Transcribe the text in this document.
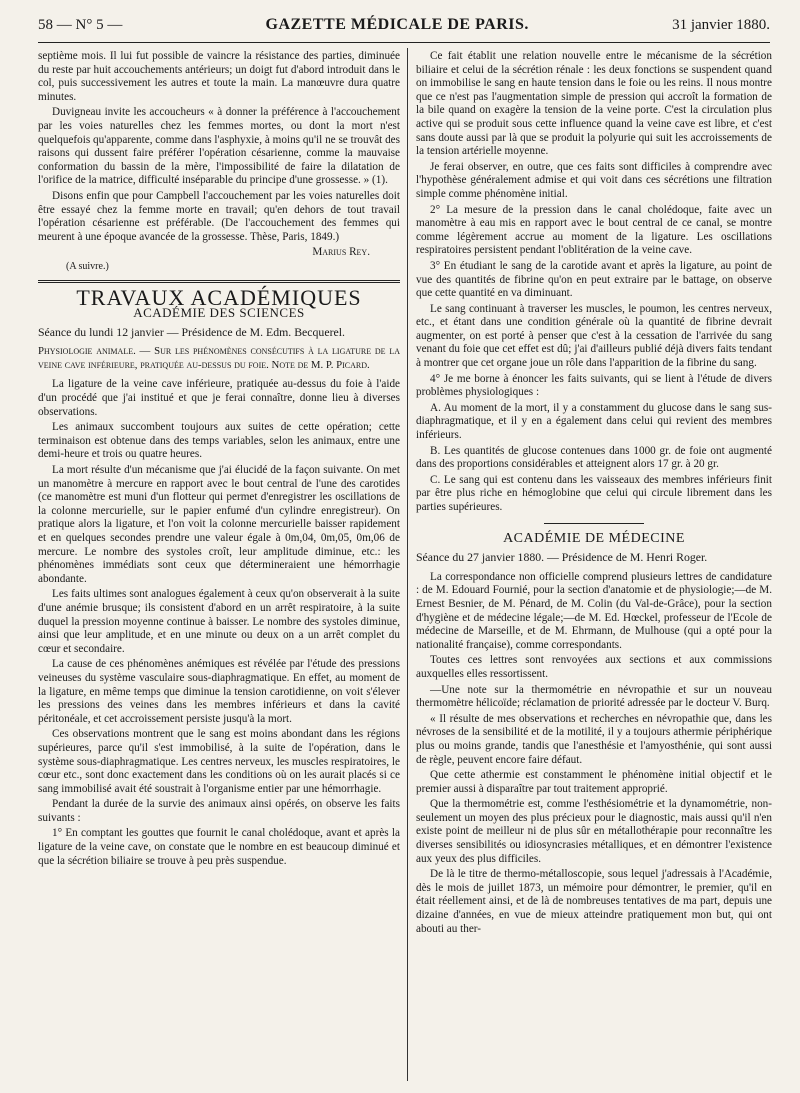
58 — N° 5 —	GAZETTE MÉDICALE DE PARIS.	31 janvier 1880.

septième mois. Il lui fut possible de vaincre la résistance des parties, diminuée du reste par huit accouchements antérieurs; un doigt fut d'abord introduit dans le col, puis successivement les autres et toute la main. La manœuvre dura quatre minutes.

Duvigneau invite les accoucheurs « à donner la préférence à l'accouchement par les voies naturelles chez les femmes mortes, ou dont la mort n'est quelquefois qu'apparente, comme dans l'asphyxie, à moins qu'il ne se trouvât des raisons qui dussent faire préférer l'opération césarienne, comme la mauvaise conformation du bassin de la mère, l'impossibilité de faire la dilatation de l'orifice de la matrice, difficulté inséparable du principe d'une grossesse. » (1).

Disons enfin que pour Campbell l'accouchement par les voies naturelles doit être essayé chez la femme morte en travail; qu'en dehors de tout travail l'opération césarienne est préférable. (De l'accouchement des femmes qui meurent à une époque avancée de la grossesse. Thèse, Paris, 1849.)

Marius Rey.
(A suivre.)
TRAVAUX ACADÉMIQUES
ACADÉMIE DES SCIENCES

Séance du lundi 12 janvier — Présidence de M. Edm. Becquerel.

Physiologie animale. — Sur les phénomènes consécutifs à la ligature de la veine cave inférieure, pratiquée au-dessus du foie. Note de M. P. Picard.

La ligature de la veine cave inférieure, pratiquée au-dessus du foie à l'aide d'un procédé que j'ai institué et que je ferai connaître, donne lieu à diverses observations.

Les animaux succombent toujours aux suites de cette opération; cette terminaison est obtenue dans des temps variables, selon les animaux, entre une demi-heure et trois ou quatre heures.

La mort résulte d'un mécanisme que j'ai élucidé de la façon suivante. On met un manomètre à mercure en rapport avec le bout central de l'une des carotides (ce manomètre est muni d'un flotteur qui permet d'enregistrer les oscillations de la colonne mercurielle, sur le papier enfumé d'un cylindre enregistreur). On pratique alors la ligature, et l'on voit la colonne mercurielle baisser rapidement et en quelques secondes prendre une valeur égale à 0m,04, 0m,05, 0m,06 de mercure. Le nombre des systoles croît, leur amplitude diminue, etc.: les phénomènes immédiats sont ceux que détermineraient une hémorrhagie abondante.

Les faits ultimes sont analogues également à ceux qu'on observerait à la suite d'une anémie brusque; ils consistent d'abord en un arrêt respiratoire, à la suite duquel la pression moyenne continue à baisser. Le nombre des systoles diminue, ainsi que leur amplitude, et en une minute ou deux on a un arrêt complet du cœur et secondaire.

La cause de ces phénomènes anémiques est révélée par l'étude des pressions veineuses du système vasculaire sous-diaphragmatique. En effet, au moment de la ligature, en même temps que diminue la tension carotidienne, on voit s'élever les pressions des veines dans les membres inférieurs et dans la cavité péritonéale, et cet accroissement persiste jusqu'à la mort.

Ces observations montrent que le sang est moins abondant dans les régions supérieures, parce qu'il s'est immobilisé, à la suite de l'opération, dans le système sous-diaphragmatique. Les centres nerveux, les muscles respiratoires, le cœur etc., sont donc exactement dans les conditions où on les aurait placés si ce sang immobilisé avait été soustrait à l'organisme entier par une hémorrhagie.

Pendant la durée de la survie des animaux ainsi opérés, on observe les faits suivants :

1° En comptant les gouttes que fournit le canal cholédoque, avant et après la ligature de la veine cave, on constate que le nombre en est beaucoup diminué et que la sécrétion biliaire se trouve à peu près suspendue.

Ce fait établit une relation nouvelle entre le mécanisme de la sécrétion biliaire et celui de la sécrétion rénale : les deux fonctions se suspendent quand on immobilise le sang en haute tension dans le foie ou les reins. Il nous montre que ce n'est pas l'augmentation simple de pression qui accroît la formation de la bile quand on exagère la tension de la veine porte. C'est la circulation plus active qui se produit sous cette influence quand la veine cave est libre, et c'est sans doute aussi par là que se produit la polyurie qui suit les accroissements de la tension artérielle moyenne.

Je ferai observer, en outre, que ces faits sont difficiles à comprendre avec l'hypothèse généralement admise et qui voit dans ces sécrétions une filtration simple comme phénomène initial.

2° La mesure de la pression dans le canal cholédoque, faite avec un manomètre à eau mis en rapport avec le bout central de ce canal, se montre comme légèrement accrue au moment de la ligature. Les oscillations respiratoires persistent pendant l'oblitération de la veine cave.

3° En étudiant le sang de la carotide avant et après la ligature, au point de vue des quantités de fibrine qu'on en peut extraire par le battage, on observe que cette quantité en va diminuant.

Le sang continuant à traverser les muscles, le poumon, les centres nerveux, etc., et étant dans une condition générale où la quantité de fibrine devrait augmenter, on est porté à penser que c'est à la cessation de l'arrivée du sang venant du foie que cet effet est dû; j'ai d'ailleurs publié déjà divers faits tendant à montrer que cet organe joue un rôle dans l'apparition de la fibrine du sang.

4° Je me borne à énoncer les faits suivants, qui se lient à l'étude de divers problèmes physiologiques :

A. Au moment de la mort, il y a constamment du glucose dans le sang sus-diaphragmatique, et il y en a également dans celui qui revient des membres inférieurs.

B. Les quantités de glucose contenues dans 1000 gr. de foie ont augmenté dans des proportions considérables et atteignent alors 17 gr. à 20 gr.

C. Le sang qui est contenu dans les vaisseaux des membres inférieurs finit par être plus riche en hémoglobine que celui qui circule librement dans les parties supérieures.

ACADÉMIE DE MÉDECINE

Séance du 27 janvier 1880. — Présidence de M. Henri Roger.

La correspondance non officielle comprend plusieurs lettres de candidature : de M. Edouard Fournié, pour la section d'anatomie et de physiologie;—de M. Ernest Besnier, de M. Pénard, de M. Colin (du Val-de-Grâce), pour la section d'hygiène et de médecine légale;—de M. Ed. Hœckel, professeur de l'Ecole de médecine de Marseille, et de M. Ehrmann, de Mulhouse (qui a opté pour la nationalité française), comme correspondants.

Toutes ces lettres sont renvoyées aux sections et aux commissions auxquelles elles ressortissent.

—Une note sur la thermométrie en névropathie et sur un nouveau thermomètre hélicoïde; réclamation de priorité adressée par le docteur V. Burq.

« Il résulte de mes observations et recherches en névropathie que, dans les névroses de la sensibilité et de la motilité, il y a toujours athermie périphérique plus ou moins grande, tandis que l'anesthésie et l'amyosthénie, qui sont aussi de règle, peuvent encore faire défaut.

Que cette athermie est constamment le phénomène initial objectif et le premier aussi à disparaître par tout traitement approprié.

Que la thermométrie est, comme l'esthésiométrie et la dynamométrie, non-seulement un moyen des plus précieux pour le diagnostic, mais aussi qu'il n'en existe point de meilleur ni de plus sûr en métallothérapie pour reconnaître les diverses sensibilités ou idiosyncrasies métalliques, et en démontrer l'existence aux yeux des plus difficiles.

De là le titre de thermo-métalloscopie, sous lequel j'adressais à l'Académie, dès le mois de juillet 1873, un mémoire pour démontrer, le premier, qu'il en était réellement ainsi, et de là de nombreuses tentatives de ma part, depuis une dizaine d'années, en vue de mieux atteindre pratiquement mon but, qui ont abouti au ther-
